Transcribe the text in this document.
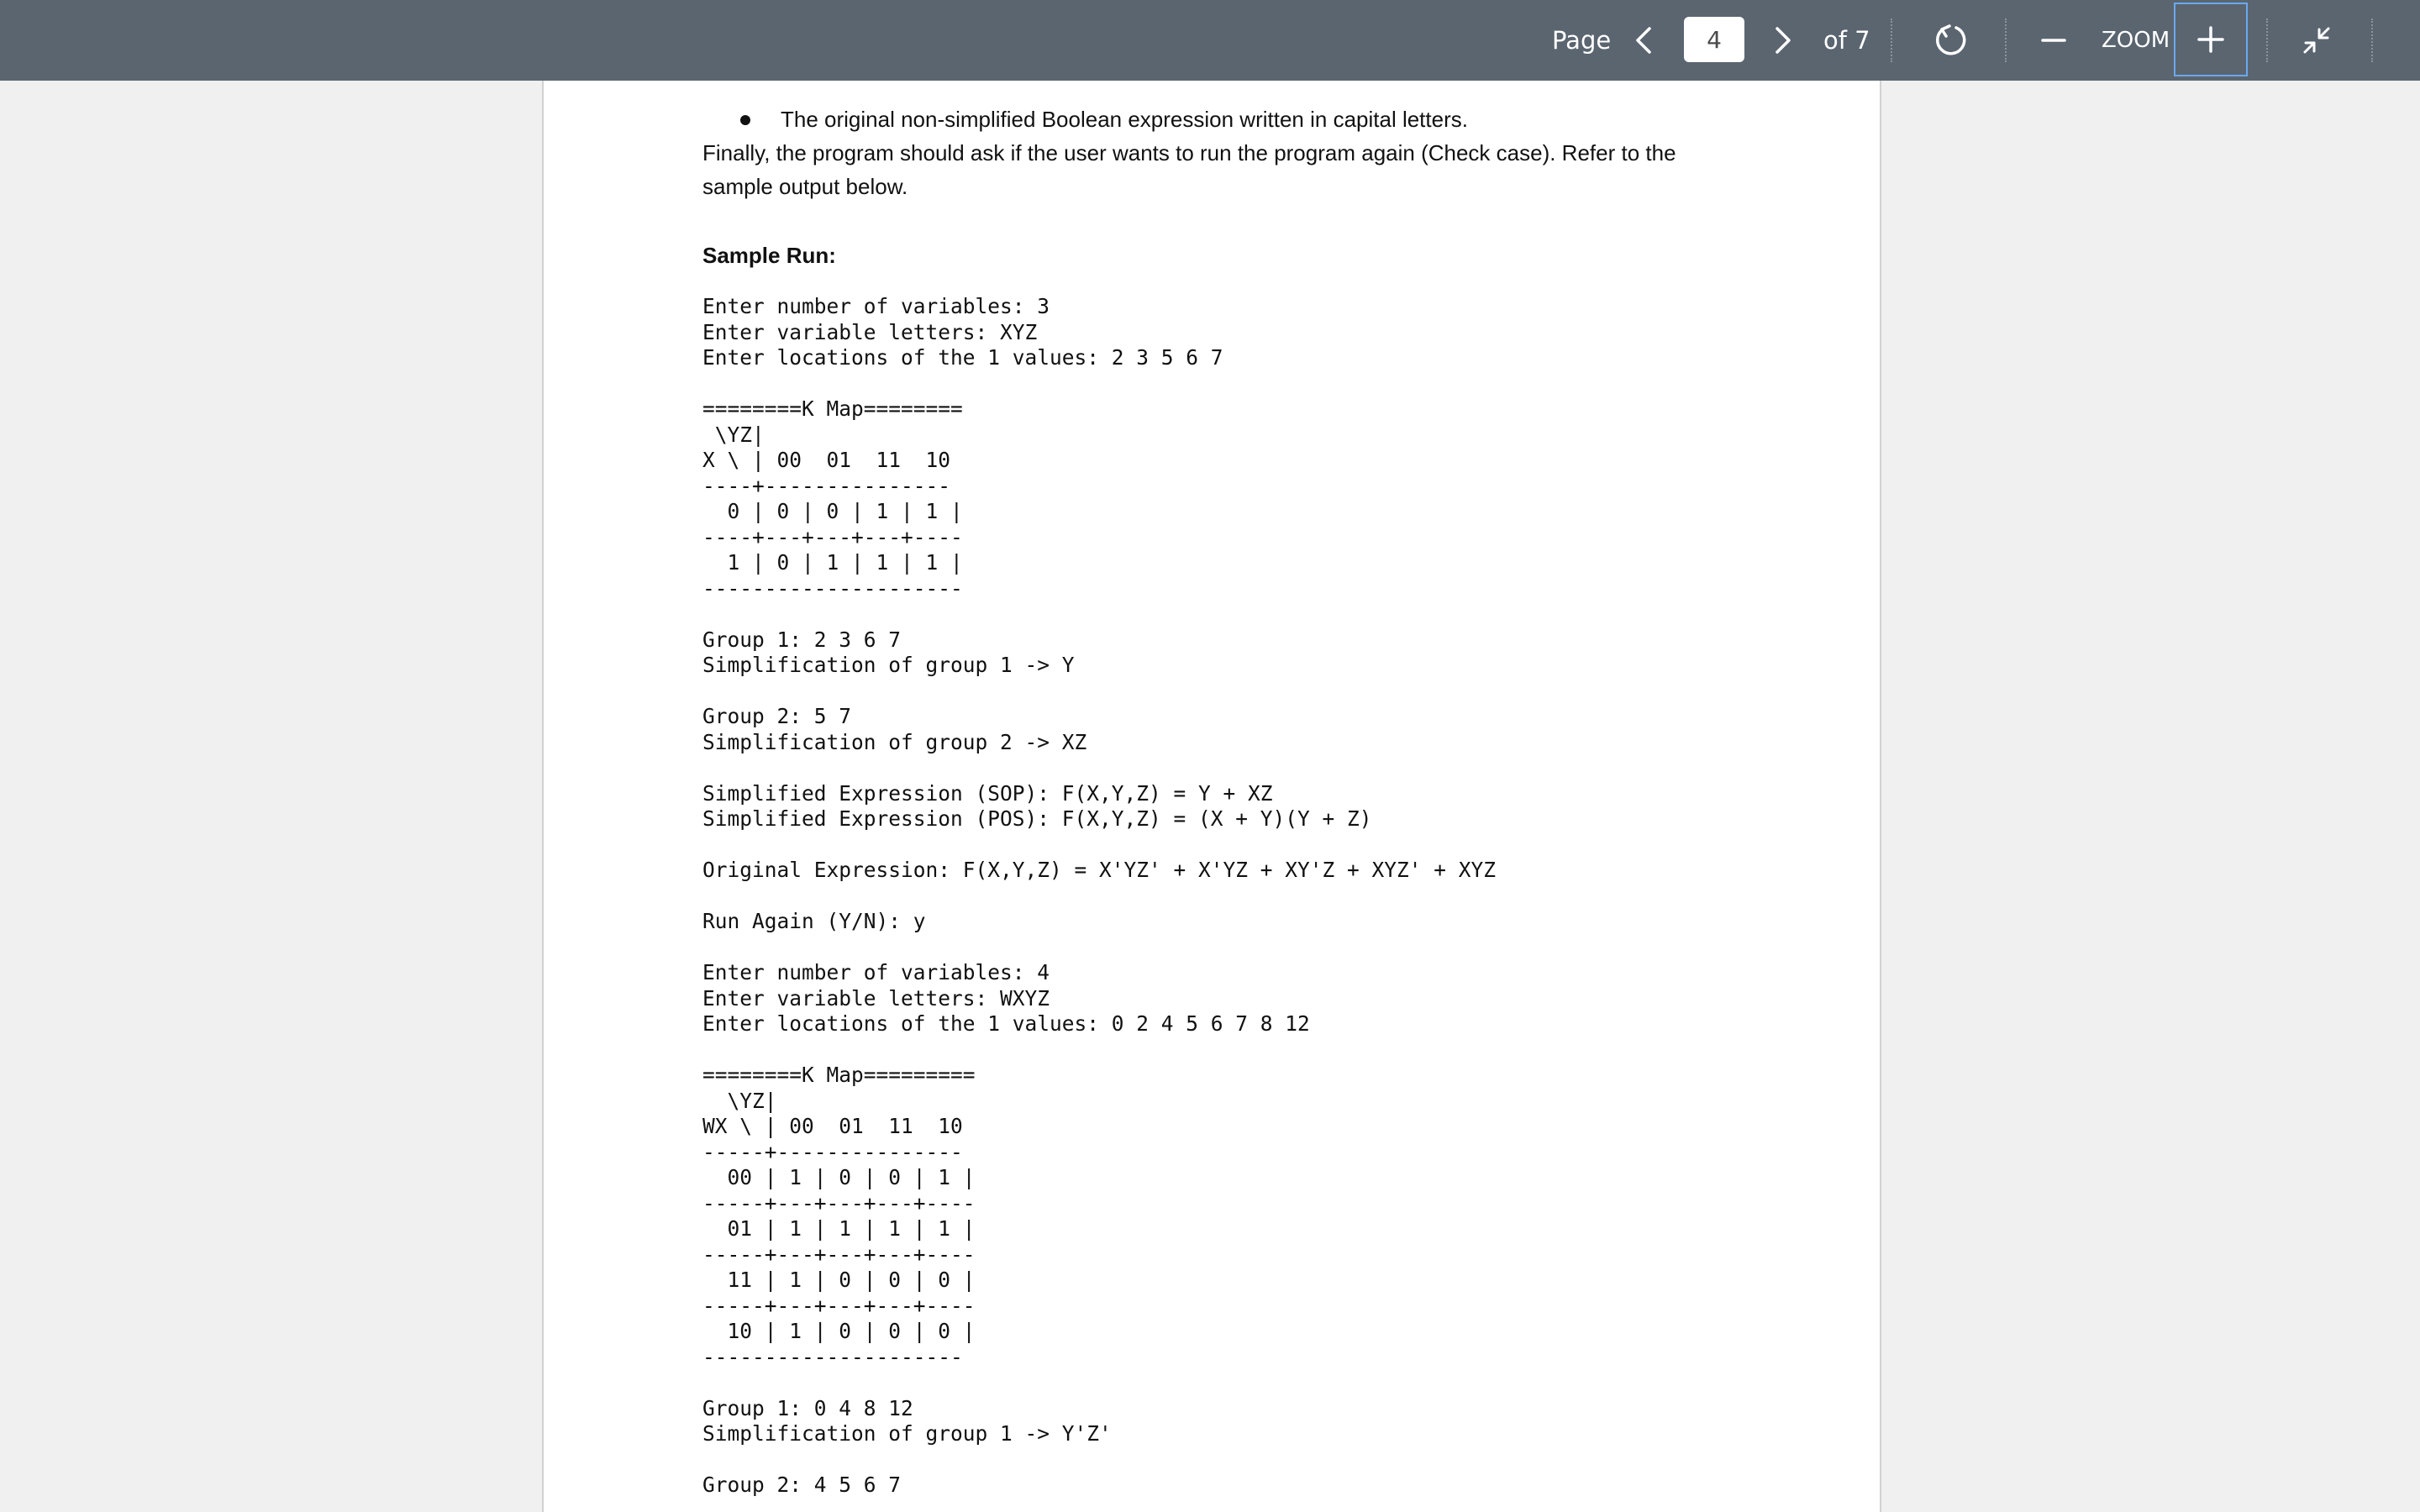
Page
4	of 7	ZOOM
The original non-simplified Boolean expression written in capital letters.
Finally, the program should ask if the user wants to run the program again (Check case). Refer to the sample output below.
Sample Run:
Enter number of variables: 3
Enter variable letters: XYZ
Enter locations of the 1 values: 2 3 5 6 7

========K Map========
\YZ|
X \ | 00  01  11  10
----+---------------
0 | 0 | 0 | 1 | 1 |
----+---+---+---+----
1 | 0 | 1 | 1 | 1 |
---------------------

Group 1: 2 3 6 7
Simplification of group 1 -> Y

Group 2: 5 7
Simplification of group 2 -> XZ

Simplified Expression (SOP): F(X,Y,Z) = Y + XZ
Simplified Expression (POS): F(X,Y,Z) = (X + Y)(Y + Z)

Original Expression: F(X,Y,Z) = X'YZ' + X'YZ + XY'Z + XYZ' + XYZ

Run Again (Y/N): y

Enter number of variables: 4
Enter variable letters: WXYZ
Enter locations of the 1 values: 0 2 4 5 6 7 8 12

========K Map=========
\YZ|
WX \ | 00  01  11  10
-----+---------------
00 | 1 | 0 | 0 | 1 |
-----+---+---+---+----
01 | 1 | 1 | 1 | 1 |
-----+---+---+---+----
11 | 1 | 0 | 0 | 0 |
-----+---+---+---+----
10 | 1 | 0 | 0 | 0 |
---------------------

Group 1: 0 4 8 12
Simplification of group 1 -> Y'Z'

Group 2: 4 5 6 7
